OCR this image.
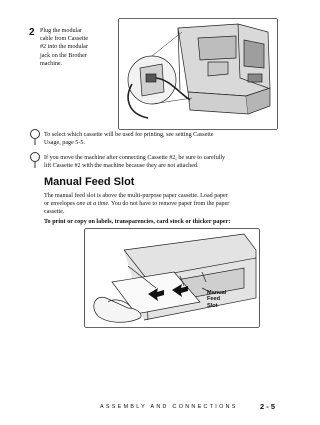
2 Plug the modular
cable from Cassette
#2 into the modular
jack on the Brother
machine.
To select which cassette will be used for printing, see setting Cassette
Usage, page 5-5.
If you move the machine after connecting Cassette #2, be sure to carefully
lift Cassette #2 with the machine because they are not attached.
Manual Feed Slot
The manual feed slot is above the multi-purpose paper cassette. Load paper
or envelopes one at a time. You do not have to remove paper from the paper
cassette.
To print or copy on labels, transparencies, card stock or thicker paper:
Manual
Feed
Slot
ASSEMBLY AND CONNECTIONS	2 - 5
